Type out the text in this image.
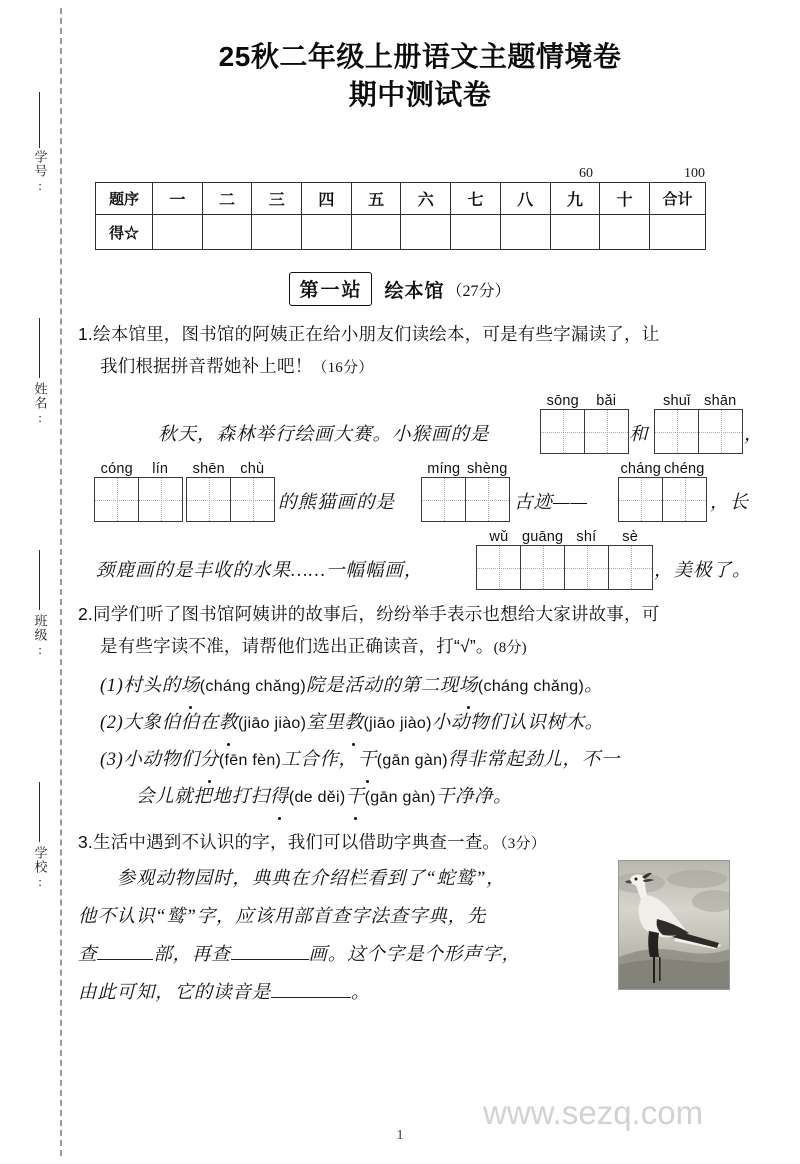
学号:
姓名:
班级:
学校:
25秋二年级上册语文主题情境卷
期中测试卷
60	100
题序	一	二	三	四	五	六	七	八	九	十	合计
得☆											
第一站 绘本馆 （27分）
1.绘本馆里，图书馆的阿姨正在给小朋友们读绘本，可是有些字漏读了，让
我们根据拼音帮她补上吧！（16分）
秋天，森林举行绘画大赛。小猴画的是
sōng	bǎi
和
shuǐ shān
，
cóng	lín	shēn	chù
的熊猫画的是
míng shèng
古迹——
cháng chéng
，长
颈鹿画的是丰收的水果……一幅幅画，
wǔ guāng shí	sè
，美极了。
2.同学们听了图书馆阿姨讲的故事后，纷纷举手表示也想给大家讲故事，可
是有些字读不准，请帮他们选出正确读音，打“√”。(8分)
(1)村头的场(cháng chǎng)院是活动的第二现场(cháng chǎng)。
(2)大象伯伯在教(jiāo jiào)室里教(jiāo jiào)小动物们认识树木。
(3)小动物们分(fēn fèn)工合作，干(gān gàn)得非常起劲儿，不一
会儿就把地打扫得(de děi)干(gān gàn)干净净。
3.生活中遇到不认识的字，我们可以借助字典查一查。（3分）
　　参观动物园时，典典在介绍栏看到了“蛇鹫”，
他不认识“鹫”字，应该用部首查字法查字典，先
查	部，再查	画。这个字是个形声字，
由此可知，它的读音是	。
www.sezq.com
1
